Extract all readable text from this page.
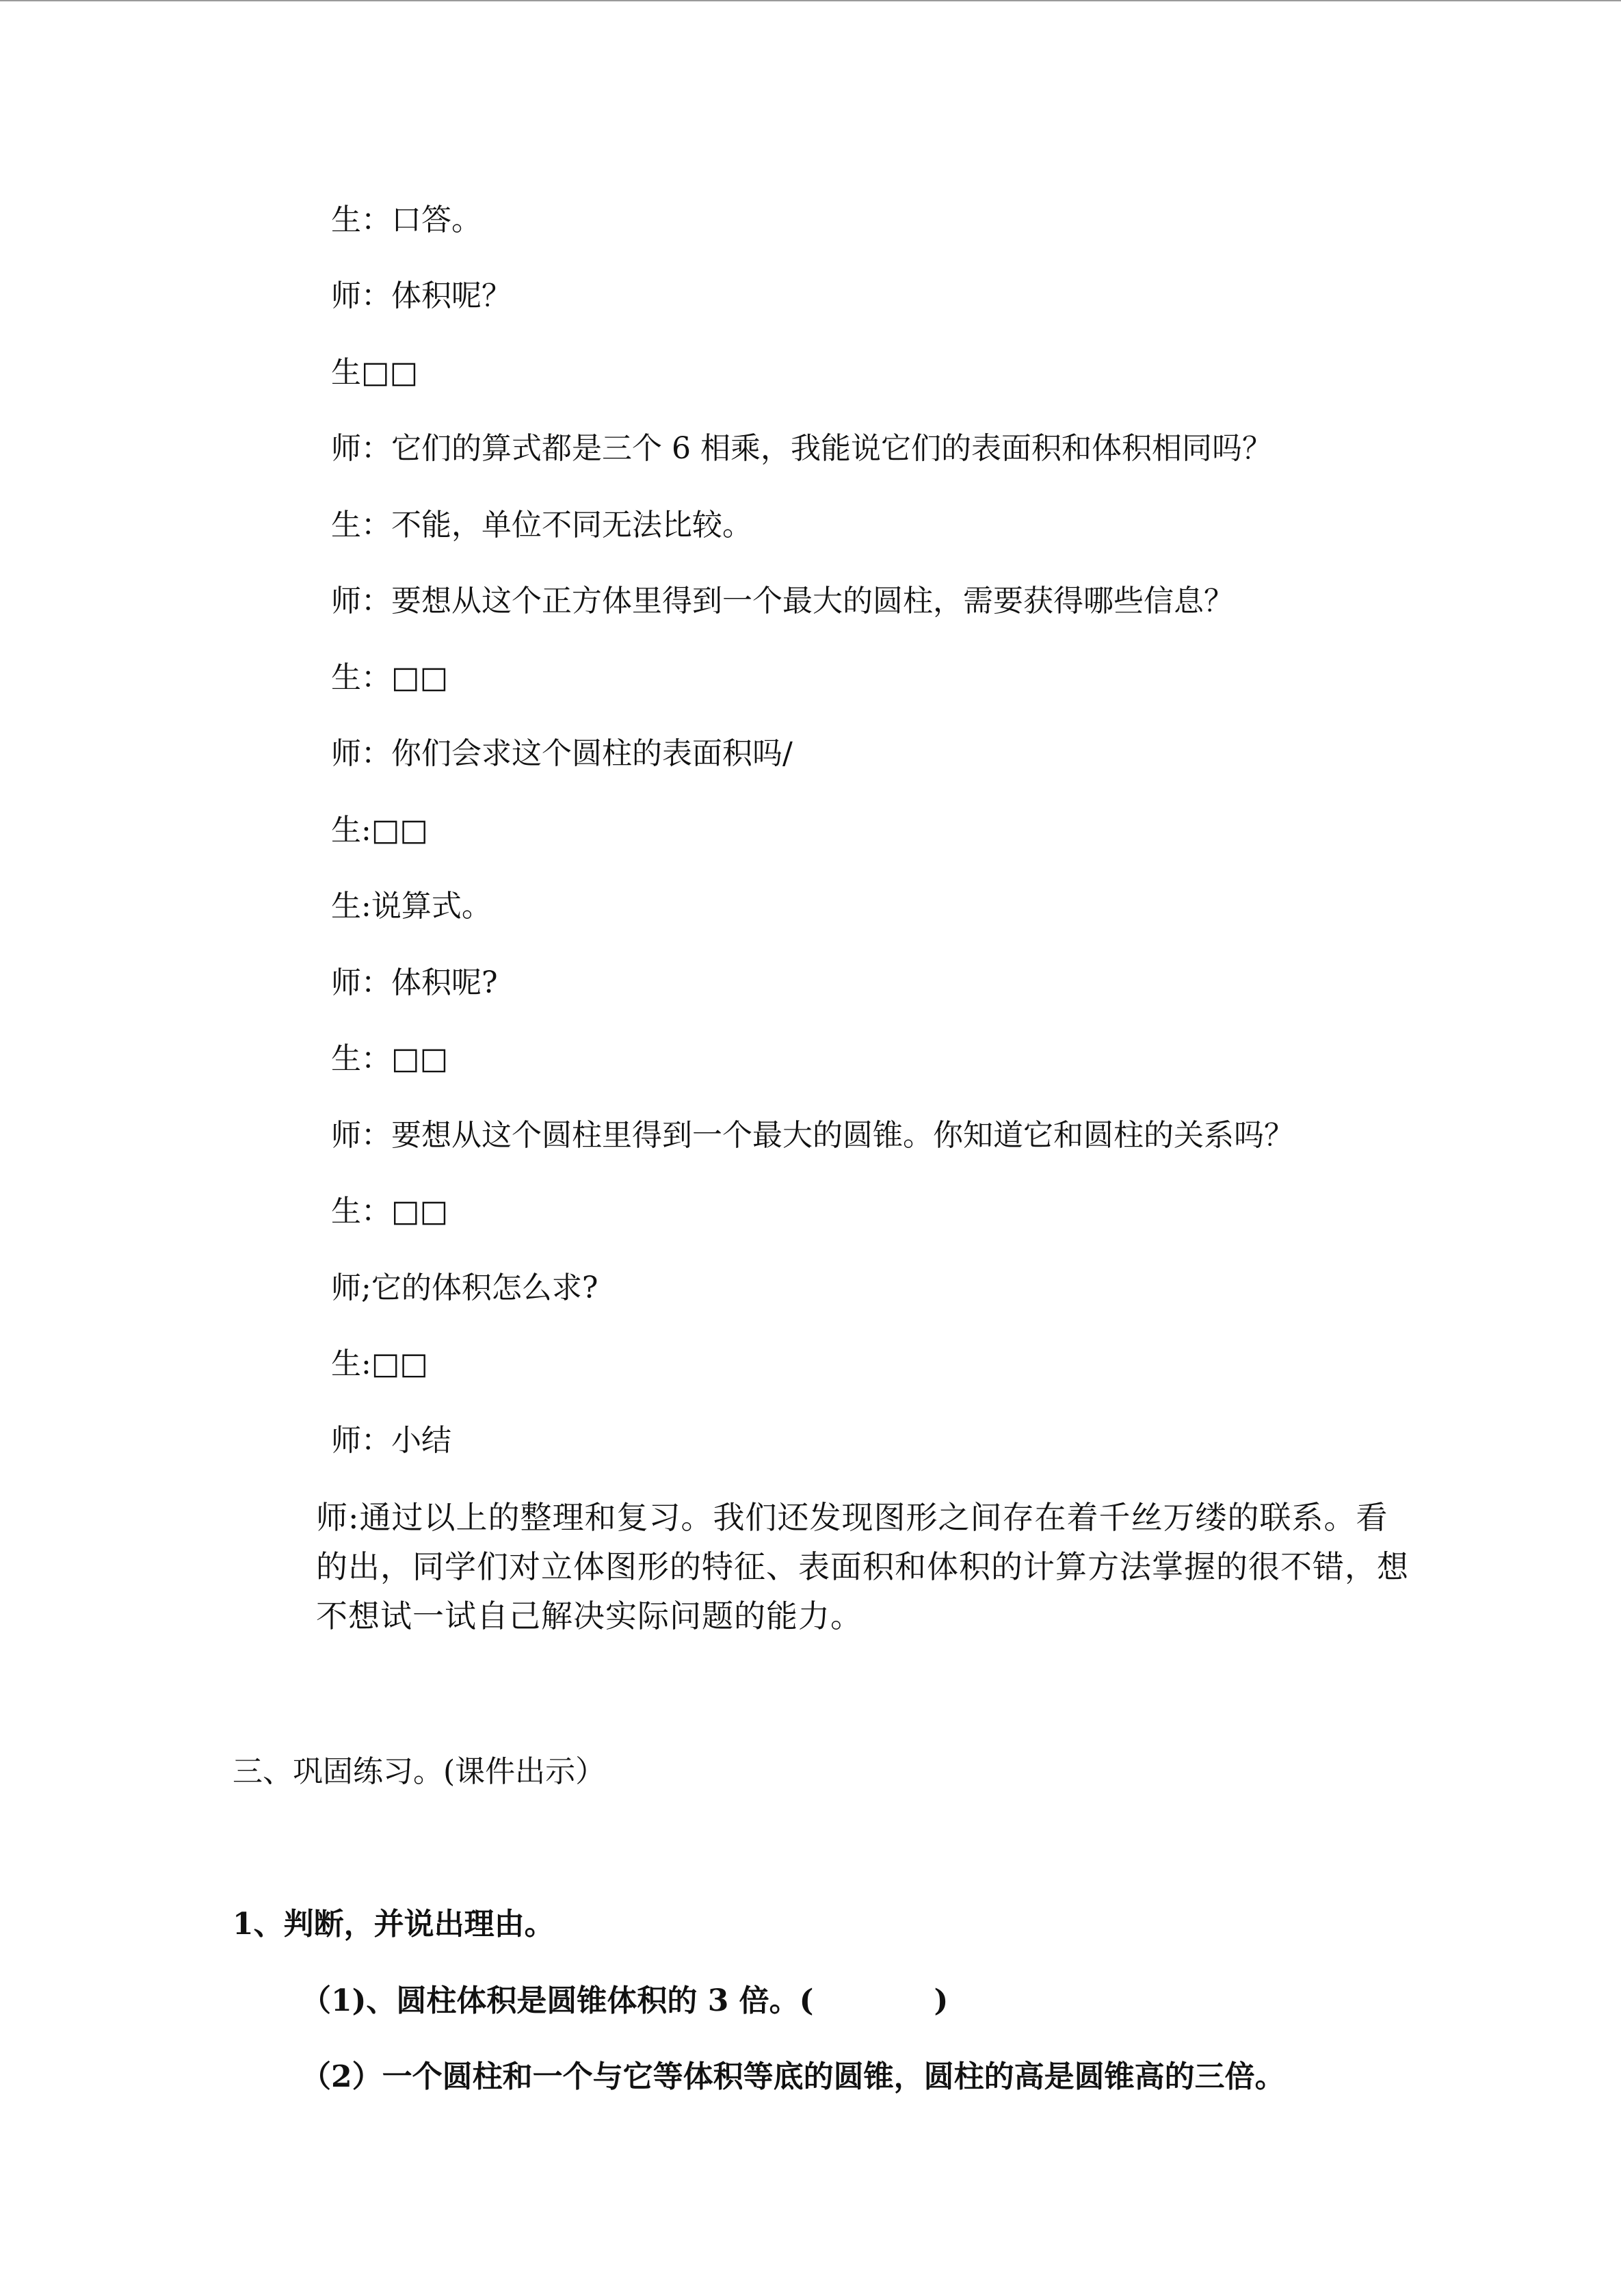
生：口答。
师：体积呢？
生□□
师：它们的算式都是三个 6 相乘，我能说它们的表面积和体积相同吗？
生：不能，单位不同无法比较。
师：要想从这个正方体里得到一个最大的圆柱，需要获得哪些信息？
生：□□
师：你们会求这个圆柱的表面积吗/
生:□□
生:说算式。
师：体积呢?
生：□□
师：要想从这个圆柱里得到一个最大的圆锥。你知道它和圆柱的关系吗？
生：□□
师;它的体积怎么求?
生:□□
师：小结
师:通过以上的整理和复习。我们还发现图形之间存在着千丝万缕的联系。看的出，同学们对立体图形的特征、表面积和体积的计算方法掌握的很不错，想不想试一试自己解决实际问题的能力。
三、巩固练习。(课件出示）
1、判断，并说出理由。
（1)、圆柱体积是圆锥体积的 3 倍。(　　　　)
（2）一个圆柱和一个与它等体积等底的圆锥，圆柱的高是圆锥高的三倍。
